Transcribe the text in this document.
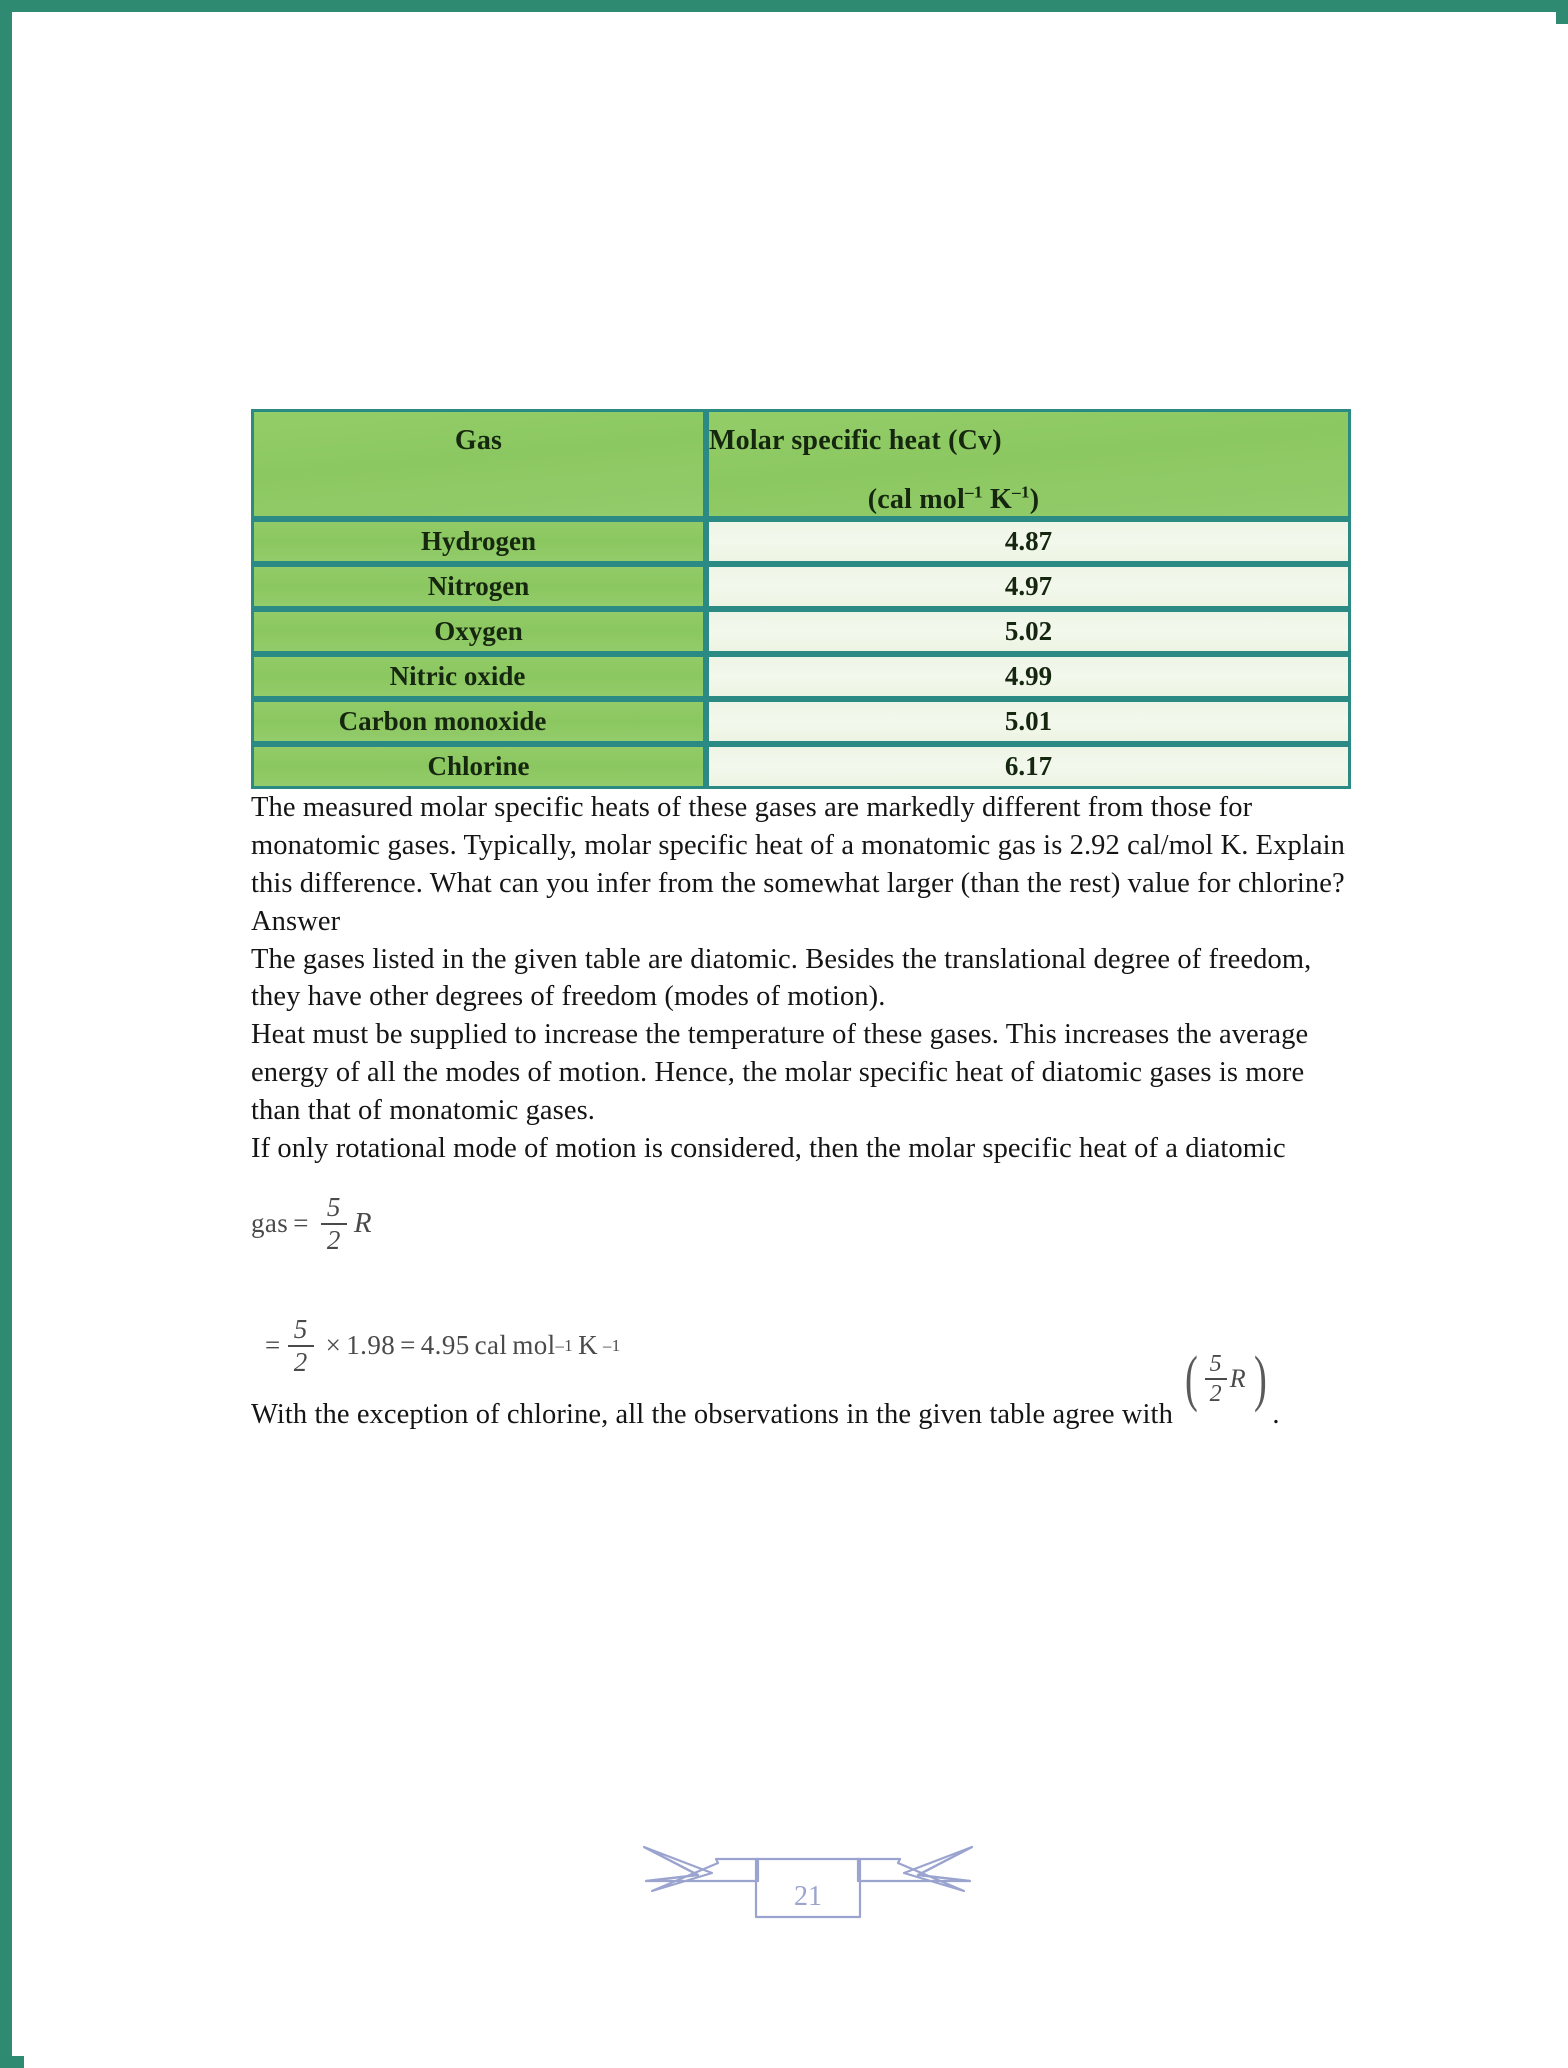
Gas	Molar specific heat (Cv)
(cal mol$^{-1}$ $K^{-1}$)

Hydrogen	4.87
Nitrogen	4.97
Oxygen	5.02
Nitric oxide	4.99
Carbon monoxide	5.01
Chlorine	6.17

The measured molar specific heats of these gases are markedly different from those for monatomic gases. Typically, molar specific heat of a monatomic gas is 2.92 cal/mol K. Explain this difference. What can you infer from the somewhat larger (than the rest) value for chlorine?

Answer

The gases listed in the given table are diatomic. Besides the translational degree of freedom, they have other degrees of freedom (modes of motion).

Heat must be supplied to increase the temperature of these gases. This increases the average energy of all the modes of motion. Hence, the molar specific heat of diatomic gases is more than that of monatomic gases.

If only rotational mode of motion is considered, then the molar specific heat of a diatomic

gas = $\frac{5}{2}$ R
= $\frac{5}{2} \times 1.98 = 4.95$ cal mol –1 K –1

With the exception of chlorine, all the observations in the given table agree with
( $\frac{5}{2}$ R )
.

21
